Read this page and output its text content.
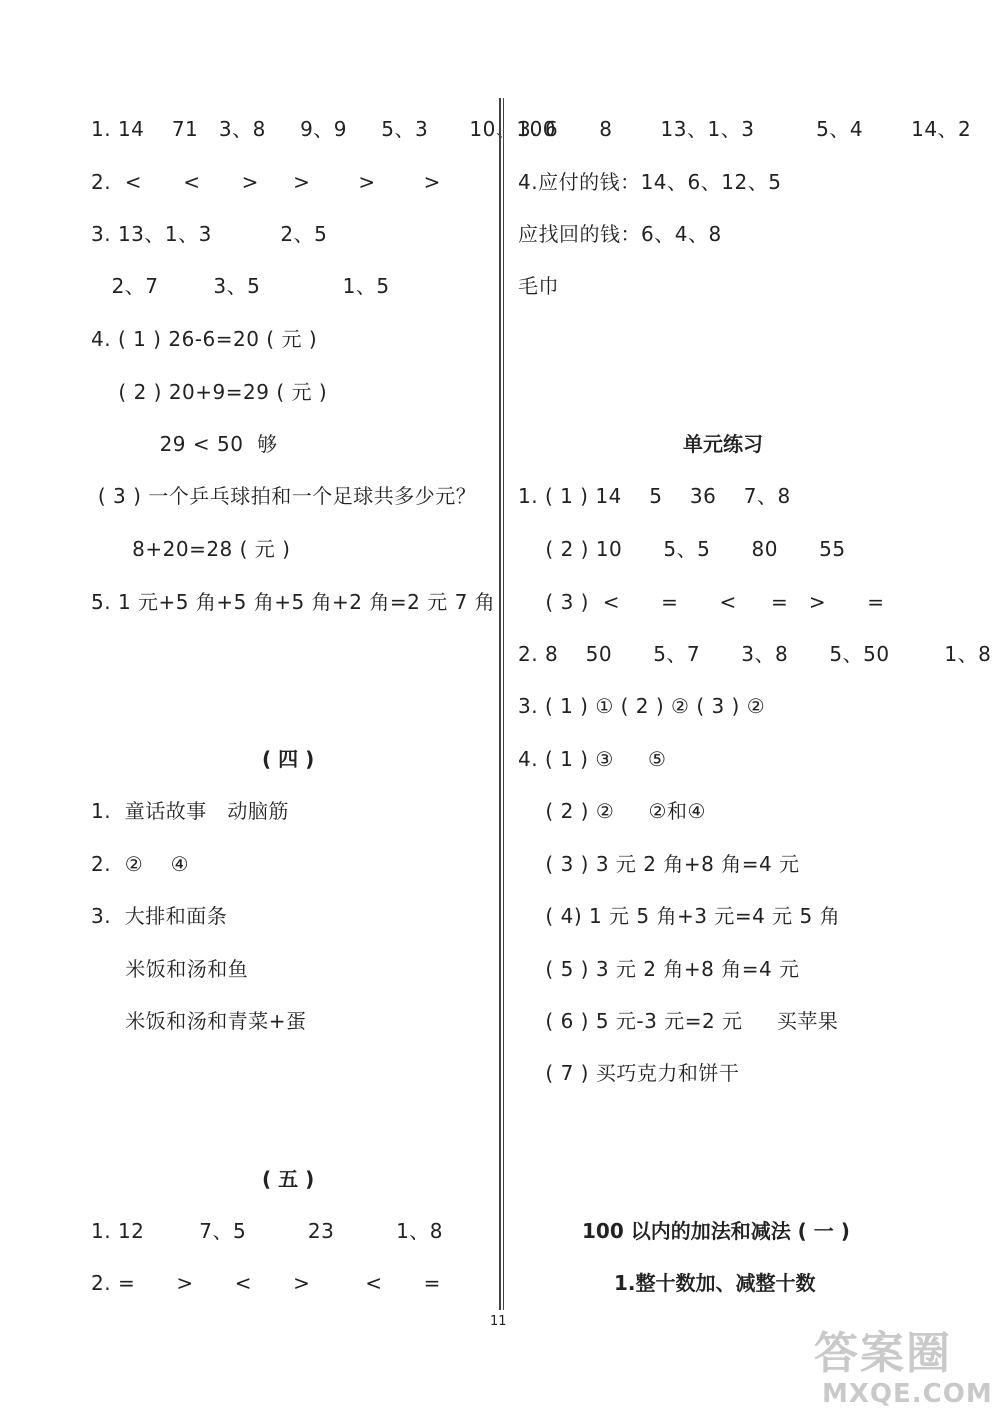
1. 14    71   3、8     9、9     5、3      10、100
2.  <      <      >     >       >       >
3. 13、1、3          2、5
2、7        3、5            1、5
4. ( 1 ) 26-6=20 ( 元 )
( 2 ) 20+9=29 ( 元 )
29 < 50  够
( 3 ) 一个乒乓球拍和一个足球共多少元？
8+20=28 ( 元 )
5. 1 元+5 角+5 角+5 角+2 角=2 元 7 角
( 四 )
1.  童话故事   动脑筋
2.  ②    ④
3.  大排和面条
米饭和汤和鱼
米饭和汤和青菜+蛋
( 五 )
1. 12        7、5         23         1、8
2. =      >      <      >        <      =
3. 6      8       13、1、3         5、4       14、2
4.应付的钱：14、6、12、5
应找回的钱：6、4、8
毛巾
单元练习
1. ( 1 ) 14    5    36    7、8
( 2 ) 10      5、5      80      55
( 3 )  <      =      <     =   >      =
2. 8    50      5、7      3、8      5、50        1、8
3. ( 1 ) ① ( 2 ) ② ( 3 ) ②
4. ( 1 ) ③     ⑤
( 2 ) ②     ②和④
( 3 ) 3 元 2 角+8 角=4 元
( 4) 1 元 5 角+3 元=4 元 5 角
( 5 ) 3 元 2 角+8 角=4 元
( 6 ) 5 元-3 元=2 元     买苹果
( 7 ) 买巧克力和饼干
100 以内的加法和减法 ( 一 )
1.整十数加、减整十数
11
答案圈
MXQE.COM
